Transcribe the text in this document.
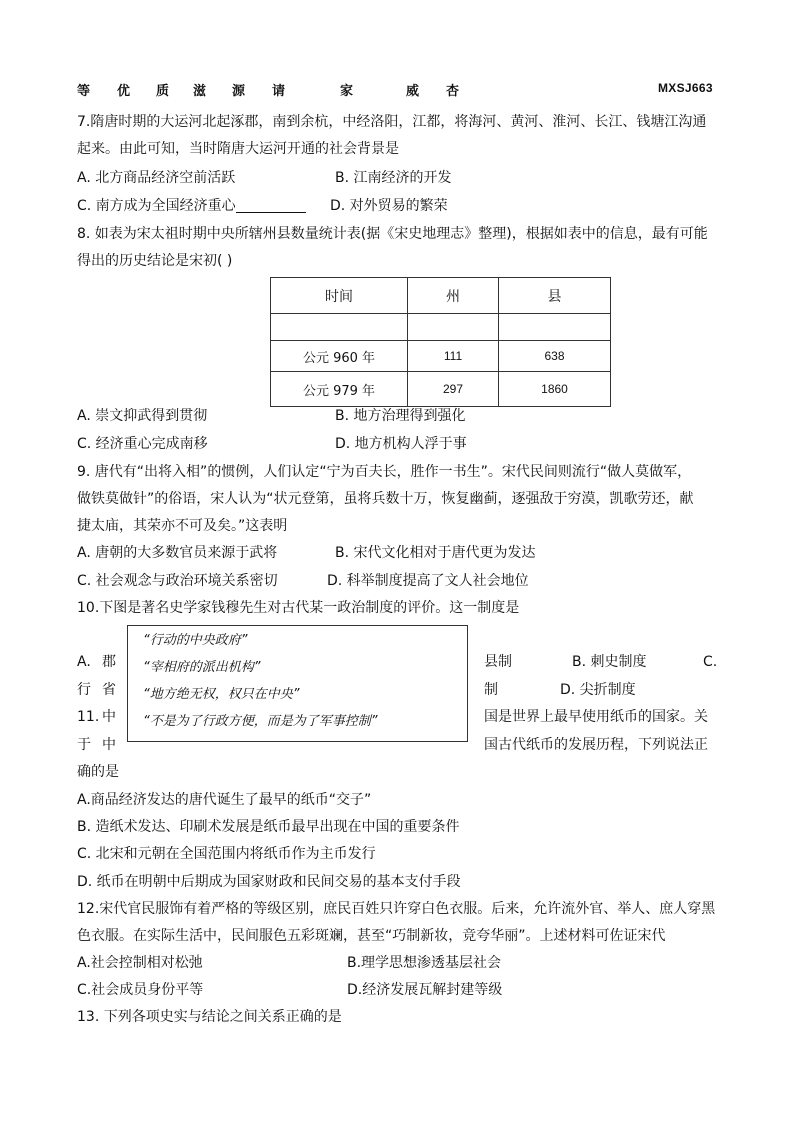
等 优 质 滋 源 请	家	威 杏	MXSJ663
7.隋唐时期的大运河北起涿郡，南到余杭，中经洛阳，江都，将海河、黄河、淮河、长江、钱塘江沟通
起来。由此可知，当时隋唐大运河开通的社会背景是
A. 北方商品经济空前活跃	B. 江南经济的开发
C. 南方成为全国经济重心	D. 对外贸易的繁荣
8. 如表为宋太祖时期中央所辖州县数量统计表(据《宋史地理志》整理)，根据如表中的信息，最有可能
得出的历史结论是宋初( )
时间	州	县

公元 960 年	111	638
公元 979 年	297	1860
A. 崇文抑武得到贯彻	B. 地方治理得到强化
C. 经济重心完成南移	D. 地方机构人浮于事
9. 唐代有“出将入相”的惯例，人们认定“宁为百夫长，胜作一书生”。宋代民间则流行“做人莫做军，
做铁莫做针”的俗语，宋人认为“状元登第，虽将兵数十万，恢复幽蓟，逐强敌于穷漠，凯歌劳还，献
捷太庙，其荣亦不可及矣。”这表明
A. 唐朝的大多数官员来源于武将	B. 宋代文化相对于唐代更为发达
C. 社会观念与政治环境关系密切	D. 科举制度提高了文人社会地位
10.下图是著名史学家钱穆先生对古代某一政治制度的评价。这一制度是
“行动的中央政府”
“宰相府的派出机构”
“地方绝无权，权只在中央”
“不是为了行政方便，而是为了军事控制”
A. 郡
行 省
县制	B. 刺史制度	C.
制	D. 尖折制度
11. 中
于 中
国是世界上最早使用纸币的国家。关
国古代纸币的发展历程，下列说法正
确的是
A.商品经济发达的唐代诞生了最早的纸币“交子”
B. 造纸术发达、印刷术发展是纸币最早出现在中国的重要条件
C. 北宋和元朝在全国范围内将纸币作为主币发行
D. 纸币在明朝中后期成为国家财政和民间交易的基本支付手段
12.宋代官民服饰有着严格的等级区别，庶民百姓只许穿白色衣服。后来，允许流外官、举人、庶人穿黑
色衣服。在实际生活中，民间服色五彩斑斓，甚至“巧制新妆，竞夸华丽”。上述材料可佐证宋代
A.社会控制相对松弛	B.理学思想渗透基层社会
C.社会成员身份平等	D.经济发展瓦解封建等级
13. 下列各项史实与结论之间关系正确的是
